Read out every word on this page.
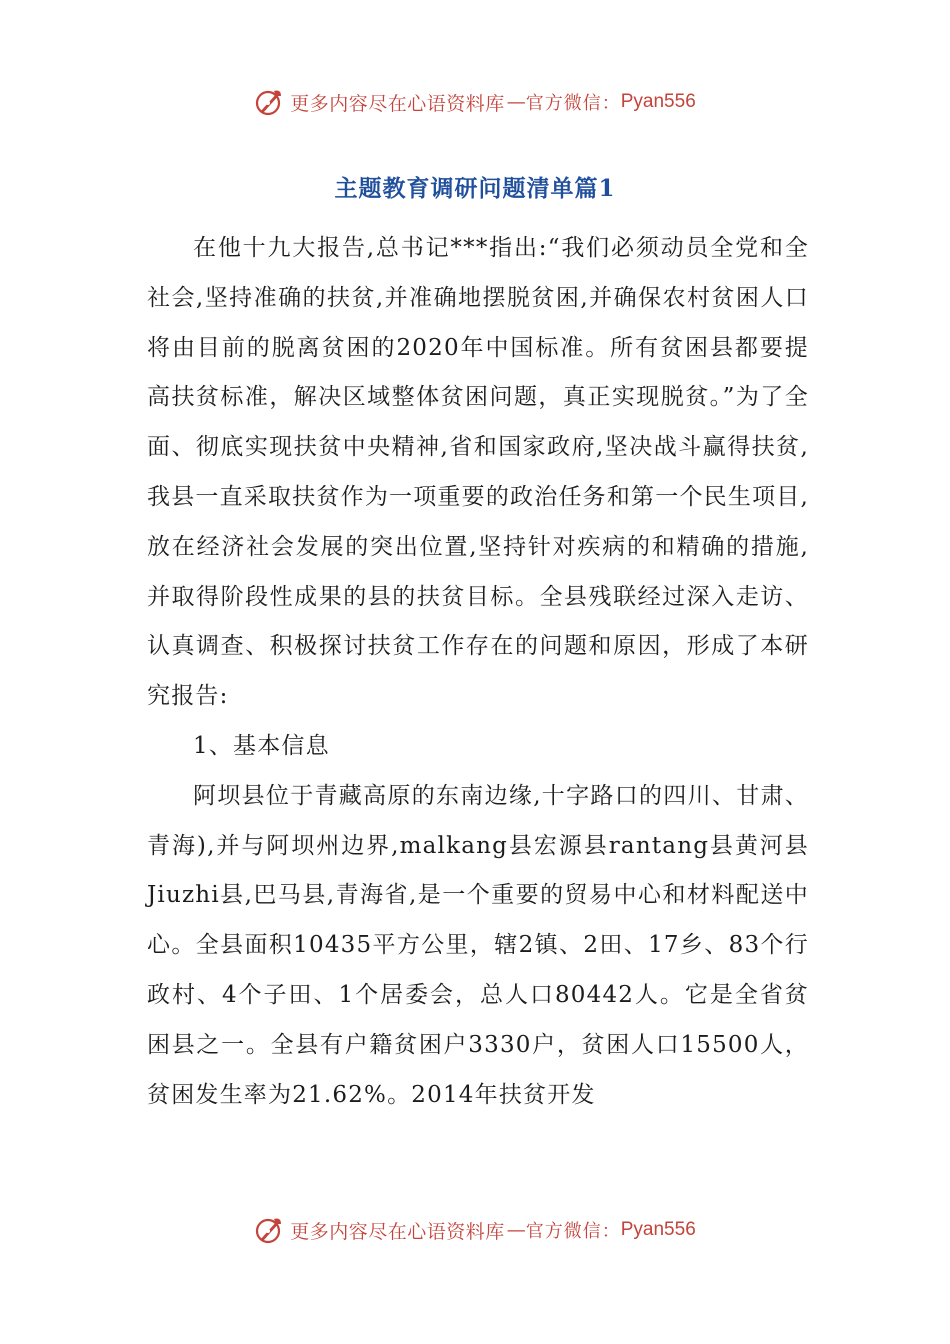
更多内容尽在心语资料库 — 官方微信： Pyan556
主题教育调研问题清单篇1

在他十九大报告,总书记***指出:“我们必须动员全党和全社会,坚持准确的扶贫,并准确地摆脱贫困,并确保农村贫困人口将由目前的脱离贫困的2020年中国标准。所有贫困县都要提高扶贫标准，解决区域整体贫困问题，真正实现脱贫。”为了全面、彻底实现扶贫中央精神,省和国家政府,坚决战斗赢得扶贫,我县一直采取扶贫作为一项重要的政治任务和第一个民生项目,放在经济社会发展的突出位置,坚持针对疾病的和精确的措施,并取得阶段性成果的县的扶贫目标。全县残联经过深入走访、认真调查、积极探讨扶贫工作存在的问题和原因，形成了本研究报告:

1、基本信息

阿坝县位于青藏高原的东南边缘,十字路口的四川、甘肃、青海),并与阿坝州边界,malkang县宏源县rantang县黄河县Jiuzhi县,巴马县,青海省,是一个重要的贸易中心和材料配送中心。全县面积10435平方公里，辖2镇、2田、17乡、83个行政村、4个子田、1个居委会，总人口80442人。它是全省贫困县之一。全县有户籍贫困户3330户，贫困人口15500人，贫困发生率为21.62%。2014年扶贫开发

更多内容尽在心语资料库 — 官方微信： Pyan556
